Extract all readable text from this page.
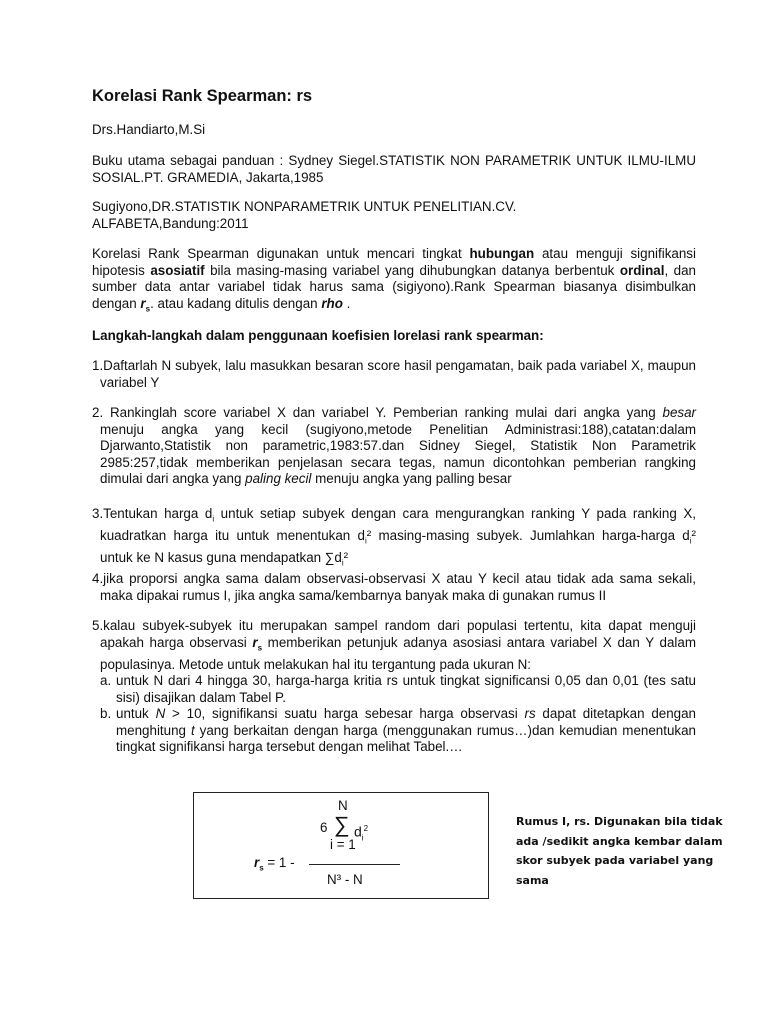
Korelasi Rank Spearman: rs

Drs.Handiarto,M.Si

Buku utama sebagai panduan : Sydney Siegel.STATISTIK NON PARAMETRIK UNTUK ILMU-ILMU SOSIAL.PT. GRAMEDIA, Jakarta,1985

Sugiyono,DR.STATISTIK NONPARAMETRIK UNTUK PENELITIAN.CV. ALFABETA,Bandung:2011

Korelasi Rank Spearman digunakan untuk mencari tingkat hubungan atau menguji signifikansi hipotesis asosiatif bila masing-masing variabel yang dihubungkan datanya berbentuk ordinal, dan sumber data antar variabel tidak harus sama (sigiyono).Rank Spearman biasanya disimbulkan dengan $r_s$. atau kadang ditulis dengan rho .

Langkah-langkah dalam penggunaan koefisien lorelasi rank spearman:

1.Daftarlah N subyek, lalu masukkan besaran score hasil pengamatan, baik pada variabel X, maupun variabel Y

2. Rankinglah score variabel X dan variabel Y. Pemberian ranking mulai dari angka yang besar menuju angka yang kecil (sugiyono,metode Penelitian Administrasi:188),catatan:dalam Djarwanto,Statistik non parametric,1983:57.dan Sidney Siegel, Statistik Non Parametrik 2985:257,tidak memberikan penjelasan secara tegas, namun dicontohkan pemberian rangking dimulai dari angka yang paling kecil menuju angka yang palling besar

3.Tentukan harga $d_i$ untuk setiap subyek dengan cara mengurangkan ranking Y pada ranking X, kuadratkan harga itu untuk menentukan $d_i^2$ masing-masing subyek. Jumlahkan harga-harga $d_i^2$ untuk ke N kasus guna mendapatkan $\sum d_i^2$

4.jika proporsi angka sama dalam observasi-observasi X atau Y kecil atau tidak ada sama sekali, maka dipakai rumus I, jika angka sama/kembarnya banyak maka di gunakan rumus II

5.kalau subyek-subyek itu merupakan sampel random dari populasi tertentu, kita dapat menguji apakah harga observasi $r_s$ memberikan petunjuk adanya asosiasi antara variabel X dan Y dalam populasinya. Metode untuk melakukan hal itu tergantung pada ukuran N:

a. untuk N dari 4 hingga 30, harga-harga kritia rs untuk tingkat significansi 0,05 dan 0,01 (tes satu sisi) disajikan dalam Tabel P.
b. untuk N > 10, signifikansi suatu harga sebesar harga observasi rs dapat ditetapkan dengan menghitung t yang berkaitan dengan harga (menggunakan rumus…)dan kemudian menentukan tingkat signifikansi harga tersebut dengan melihat Tabel.…
N
6 ∑ $d_i^2$
i = 1
$r_s = 1$ -
N³ - N
Rumus I, rs. Digunakan bila tidak ada /sedikit angka kembar dalam skor subyek pada variabel yang sama
